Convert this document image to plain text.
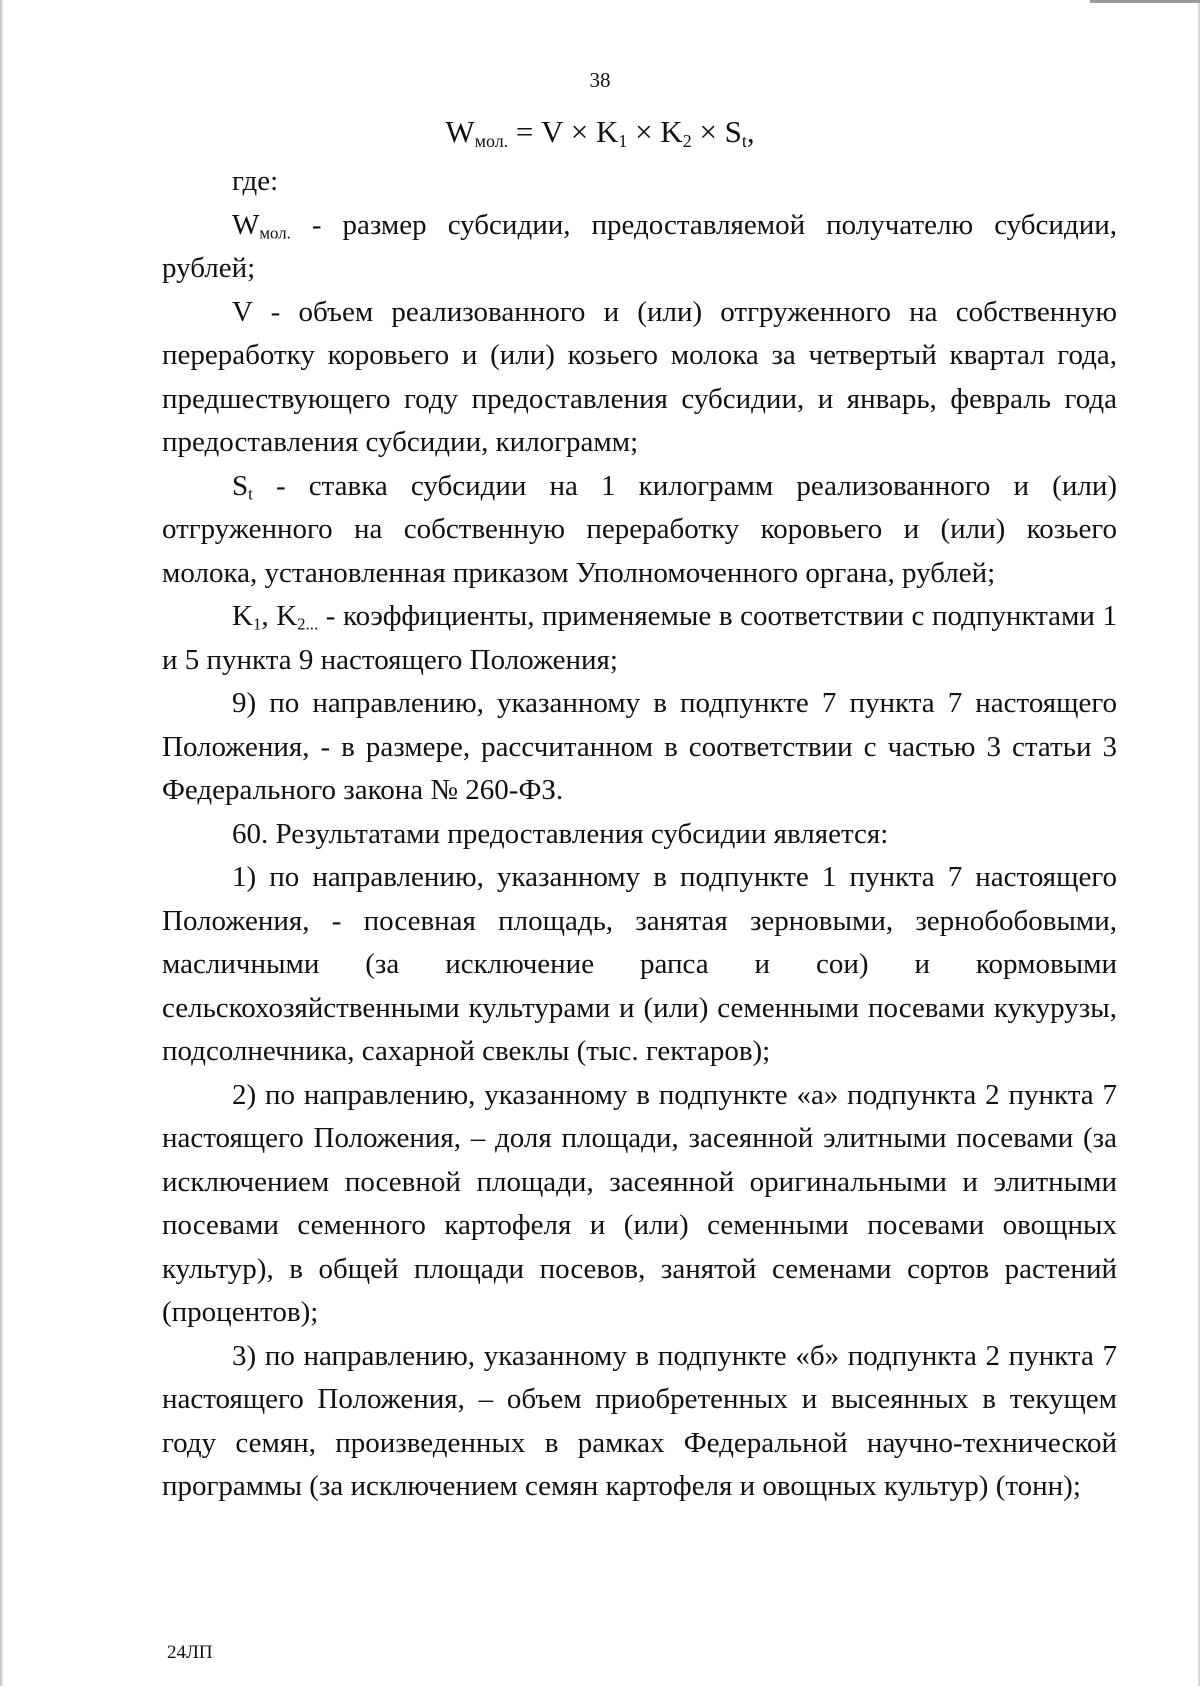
38
$W_{мол.} = V \times K_1 \times K_2 \times S_t$,

где:

$W_{мол.}$ - размер субсидии, предоставляемой получателю субсидии, рублей;

V - объем реализованного и (или) отгруженного на собственную переработку коровьего и (или) козьего молока за четвертый квартал года, предшествующего году предоставления субсидии, и январь, февраль года предоставления субсидии, килограмм;

$S_t$ - ставка субсидии на 1 килограмм реализованного и (или) отгруженного на собственную переработку коровьего и (или) козьего молока, установленная приказом Уполномоченного органа, рублей;

$K_1$, $K_{2...}$ - коэффициенты, применяемые в соответствии с подпунктами 1 и 5 пункта 9 настоящего Положения;

9) по направлению, указанному в подпункте 7 пункта 7 настоящего Положения, - в размере, рассчитанном в соответствии с частью 3 статьи 3 Федерального закона № 260-ФЗ.

60. Результатами предоставления субсидии является:

1) по направлению, указанному в подпункте 1 пункта 7 настоящего Положения, - посевная площадь, занятая зерновыми, зернобобовыми, масличными (за исключение рапса и сои) и кормовыми сельскохозяйственными культурами и (или) семенными посевами кукурузы, подсолнечника, сахарной свеклы (тыс. гектаров);

2) по направлению, указанному в подпункте «а» подпункта 2 пункта 7 настоящего Положения, – доля площади, засеянной элитными посевами (за исключением посевной площади, засеянной оригинальными и элитными посевами семенного картофеля и (или) семенными посевами овощных культур), в общей площади посевов, занятой семенами сортов растений (процентов);

3) по направлению, указанному в подпункте «б» подпункта 2 пункта 7 настоящего Положения, – объем приобретенных и высеянных в текущем году семян, произведенных в рамках Федеральной научно-технической программы (за исключением семян картофеля и овощных культур) (тонн);

24ЛП
